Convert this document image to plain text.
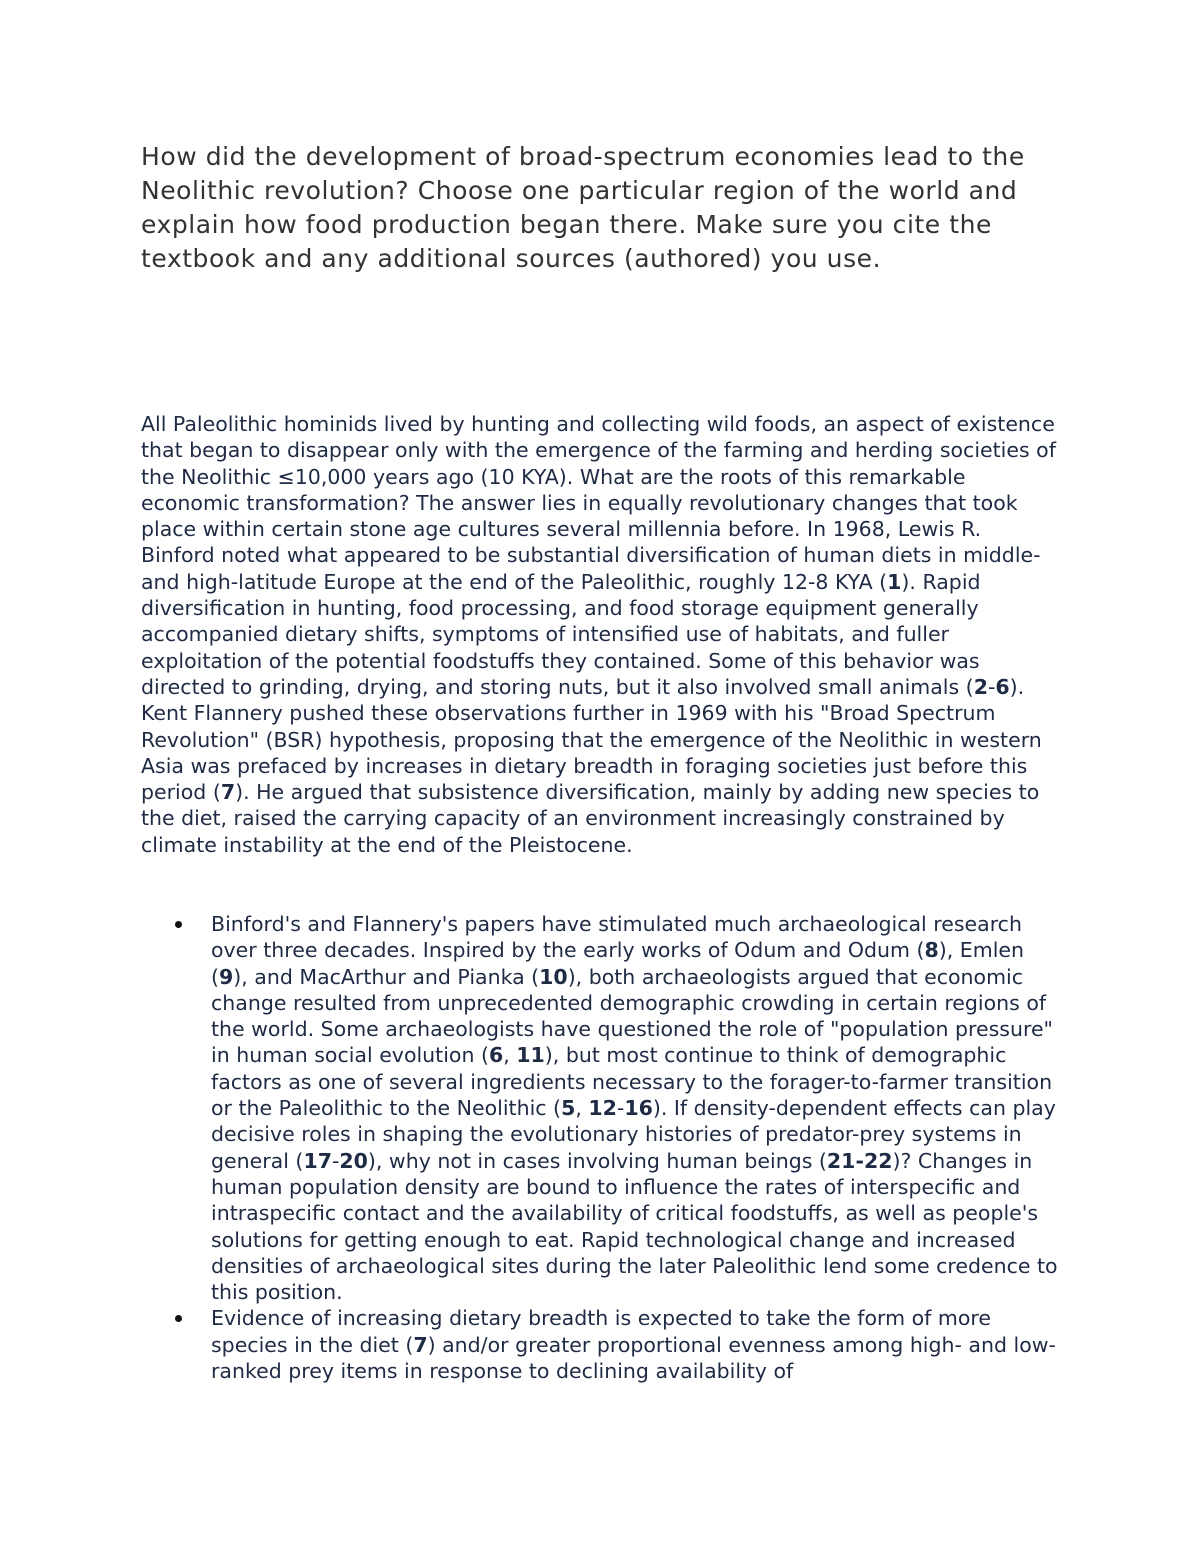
How did the development of broad-spectrum economies lead to the Neolithic revolution? Choose one particular region of the world and explain how food production began there. Make sure you cite the textbook and any additional sources (authored) you use.

All Paleolithic hominids lived by hunting and collecting wild foods, an aspect of existence that began to disappear only with the emergence of the farming and herding societies of the Neolithic ≤10,000 years ago (10 KYA). What are the roots of this remarkable economic transformation? The answer lies in equally revolutionary changes that took place within certain stone age cultures several millennia before. In 1968, Lewis R. Binford noted what appeared to be substantial diversification of human diets in middle- and high-latitude Europe at the end of the Paleolithic, roughly 12-8 KYA (1). Rapid diversification in hunting, food processing, and food storage equipment generally accompanied dietary shifts, symptoms of intensified use of habitats, and fuller exploitation of the potential foodstuffs they contained. Some of this behavior was directed to grinding, drying, and storing nuts, but it also involved small animals (2-6). Kent Flannery pushed these observations further in 1969 with his "Broad Spectrum Revolution" (BSR) hypothesis, proposing that the emergence of the Neolithic in western Asia was prefaced by increases in dietary breadth in foraging societies just before this period (7). He argued that subsistence diversification, mainly by adding new species to the diet, raised the carrying capacity of an environment increasingly constrained by climate instability at the end of the Pleistocene.

Binford's and Flannery's papers have stimulated much archaeological research over three decades. Inspired by the early works of Odum and Odum (8), Emlen (9), and MacArthur and Pianka (10), both archaeologists argued that economic change resulted from unprecedented demographic crowding in certain regions of the world. Some archaeologists have questioned the role of "population pressure" in human social evolution (6, 11), but most continue to think of demographic factors as one of several ingredients necessary to the forager-to-farmer transition or the Paleolithic to the Neolithic (5, 12-16). If density-dependent effects can play decisive roles in shaping the evolutionary histories of predator-prey systems in general (17-20), why not in cases involving human beings (21-22)? Changes in human population density are bound to influence the rates of interspecific and intraspecific contact and the availability of critical foodstuffs, as well as people's solutions for getting enough to eat. Rapid technological change and increased densities of archaeological sites during the later Paleolithic lend some credence to this position.
Evidence of increasing dietary breadth is expected to take the form of more species in the diet (7) and/or greater proportional evenness among high- and low-ranked prey items in response to declining availability of
